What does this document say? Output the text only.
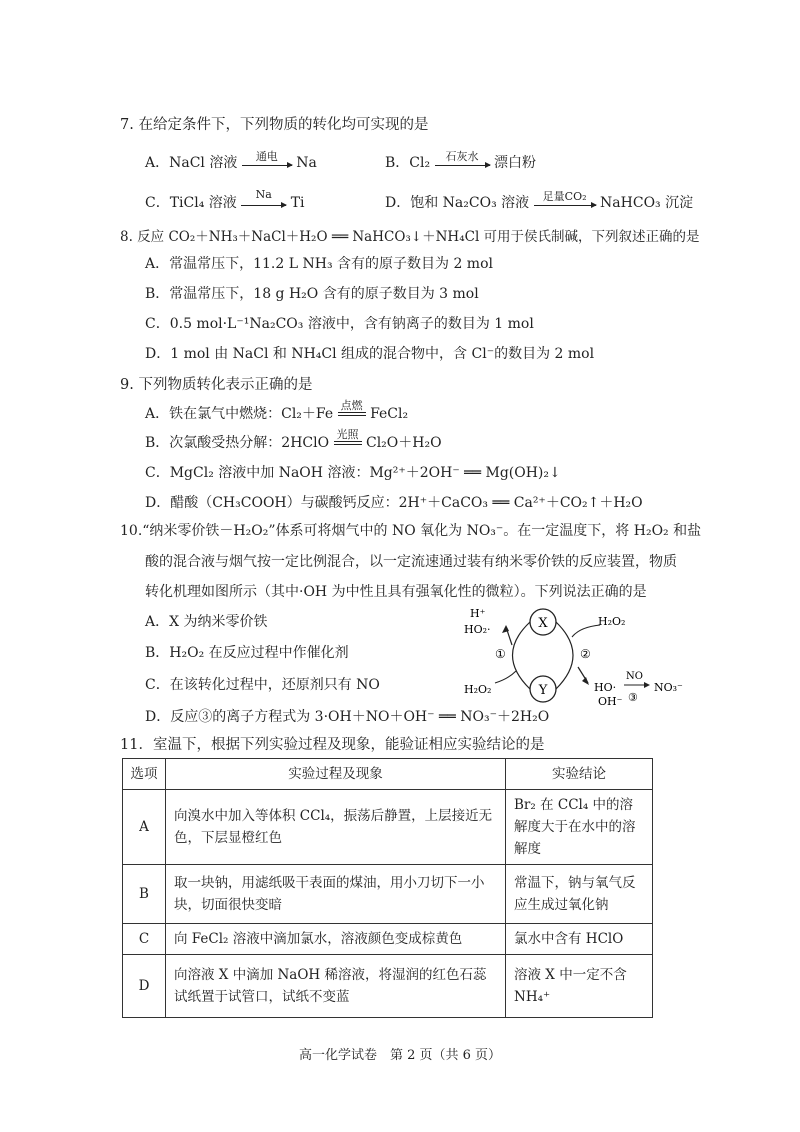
7. 在给定条件下，下列物质的转化均可实现的是
A．NaCl 溶液	通电	Na	B．Cl₂	石灰水	漂白粉
C．TiCl₄ 溶液
Na
Ti	D．饱和 Na₂CO₃ 溶液	足量CO₂ NaHCO₃ 沉淀
8. 反应 CO₂＋NH₃＋NaCl＋H₂O ══ NaHCO₃↓＋NH₄Cl 可用于侯氏制碱，下列叙述正确的是
A．常温常压下，11.2 L NH₃ 含有的原子数目为 2 mol
B．常温常压下，18 g H₂O 含有的原子数目为 3 mol
C．0.5 mol·L⁻¹Na₂CO₃ 溶液中，含有钠离子的数目为 1 mol
D．1 mol 由 NaCl 和 NH₄Cl 组成的混合物中，含 Cl⁻的数目为 2 mol
9. 下列物质转化表示正确的是
A．铁在氯气中燃烧：Cl₂＋Fe
点燃
FeCl₂
B．次氯酸受热分解：2HClO
光照
Cl₂O＋H₂O
C．MgCl₂ 溶液中加 NaOH 溶液：Mg²⁺＋2OH⁻ ══ Mg(OH)₂↓
D．醋酸（CH₃COOH）与碳酸钙反应：2H⁺＋CaCO₃ ══ Ca²⁺＋CO₂↑＋H₂O
10.“纳米零价铁－H₂O₂”体系可将烟气中的 NO 氧化为 NO₃⁻。在一定温度下，将 H₂O₂ 和盐
酸的混合液与烟气按一定比例混合，以一定流速通过装有纳米零价铁的反应装置，物质
转化机理如图所示（其中·OH 为中性且具有强氧化性的微粒）。下列说法正确的是
A．X 为纳米零价铁
B．H₂O₂ 在反应过程中作催化剂
C．在该转化过程中，还原剂只有 NO
D．反应③的离子方程式为 3·OH＋NO＋OH⁻ ══ NO₃⁻＋2H₂O
X
Y
H⁺
HO₂·
H₂O₂
①	②
H₂O₂	HO·
OH⁻
NO
③
NO₃⁻
11．室温下，根据下列实验过程及现象，能验证相应实验结论的是
选项	实验过程及现象	实验结论
A	向溴水中加入等体积 CCl₄，振荡后静置，上层接近无色，下层显橙红色	Br₂ 在 CCl₄ 中的溶解度大于在水中的溶解度
B	取一块钠，用滤纸吸干表面的煤油，用小刀切下一小块，切面很快变暗	常温下，钠与氧气反应生成过氧化钠
C	向 FeCl₂ 溶液中滴加氯水，溶液颜色变成棕黄色	氯水中含有 HClO
D	向溶液 X 中滴加 NaOH 稀溶液，将湿润的红色石蕊试纸置于试管口，试纸不变蓝	溶液 X 中一定不含 NH₄⁺
高一化学试卷　第 2 页（共 6 页）
